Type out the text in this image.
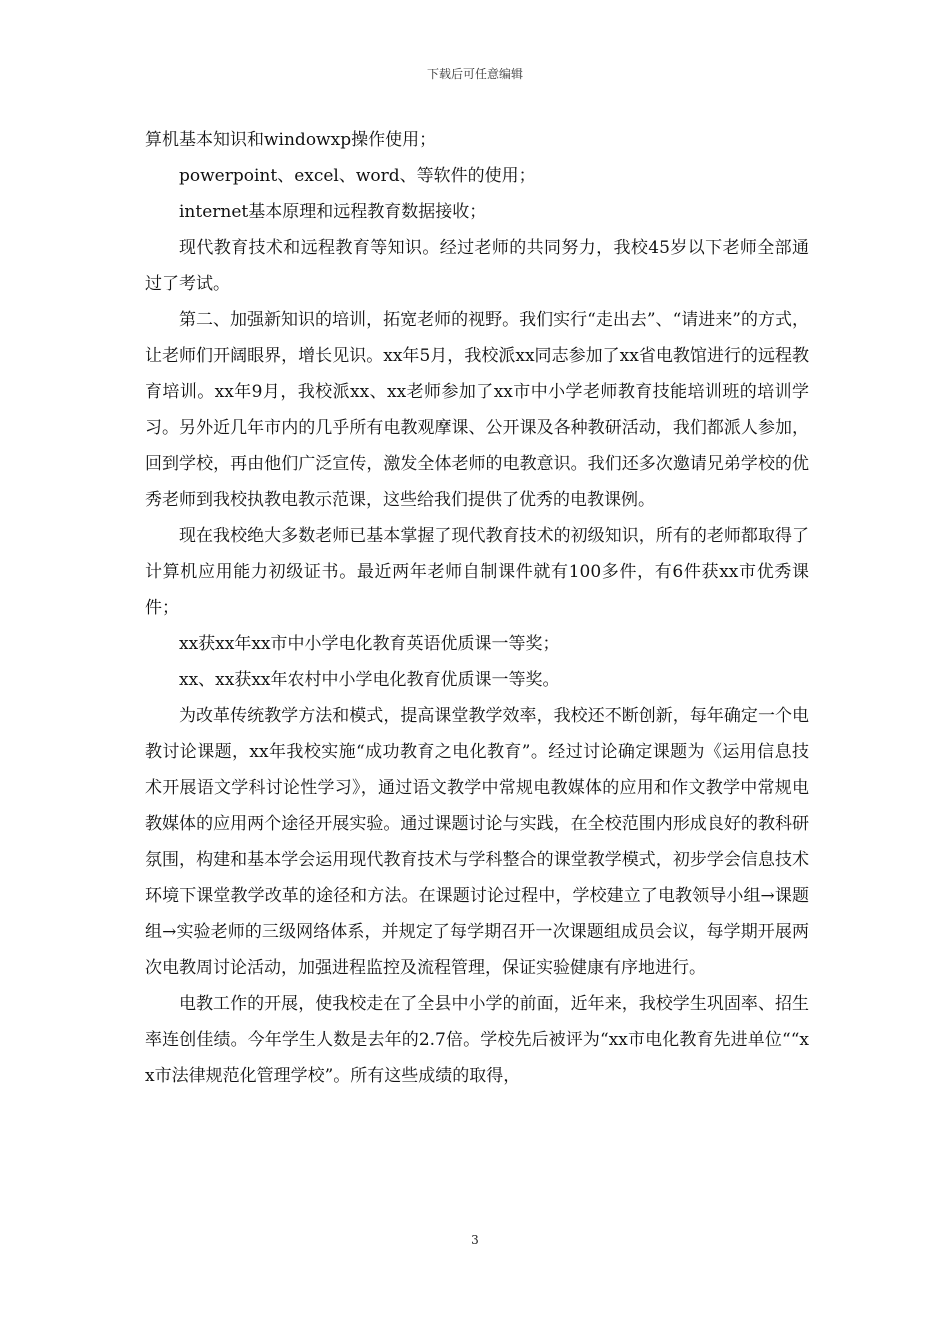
下载后可任意编辑

算机基本知识和windowxp操作使用；

powerpoint、excel、word、等软件的使用；

internet基本原理和远程教育数据接收；

现代教育技术和远程教育等知识。经过老师的共同努力，我校45岁以下老师全部通过了考试。

第二、加强新知识的培训，拓宽老师的视野。我们实行“走出去”、“请进来”的方式，让老师们开阔眼界，增长见识。xx年5月，我校派xx同志参加了xx省电教馆进行的远程教育培训。xx年9月，我校派xx、xx老师参加了xx市中小学老师教育技能培训班的培训学习。另外近几年市内的几乎所有电教观摩课、公开课及各种教研活动，我们都派人参加，回到学校，再由他们广泛宣传，激发全体老师的电教意识。我们还多次邀请兄弟学校的优秀老师到我校执教电教示范课，这些给我们提供了优秀的电教课例。

现在我校绝大多数老师已基本掌握了现代教育技术的初级知识，所有的老师都取得了计算机应用能力初级证书。最近两年老师自制课件就有100多件，有6件获xx市优秀课件；

xx获xx年xx市中小学电化教育英语优质课一等奖；

xx、xx获xx年农村中小学电化教育优质课一等奖。

为改革传统教学方法和模式，提高课堂教学效率，我校还不断创新，每年确定一个电教讨论课题，xx年我校实施“成功教育之电化教育”。经过讨论确定课题为《运用信息技术开展语文学科讨论性学习》，通过语文教学中常规电教媒体的应用和作文教学中常规电教媒体的应用两个途径开展实验。通过课题讨论与实践，在全校范围内形成良好的教科研氛围，构建和基本学会运用现代教育技术与学科整合的课堂教学模式，初步学会信息技术环境下课堂教学改革的途径和方法。在课题讨论过程中，学校建立了电教领导小组→课题组→实验老师的三级网络体系，并规定了每学期召开一次课题组成员会议，每学期开展两次电教周讨论活动，加强进程监控及流程管理，保证实验健康有序地进行。

电教工作的开展，使我校走在了全县中小学的前面，近年来，我校学生巩固率、招生率连创佳绩。今年学生人数是去年的2.7倍。学校先后被评为“xx市电化教育先进单位““xx市法律规范化管理学校”。所有这些成绩的取得，

3
